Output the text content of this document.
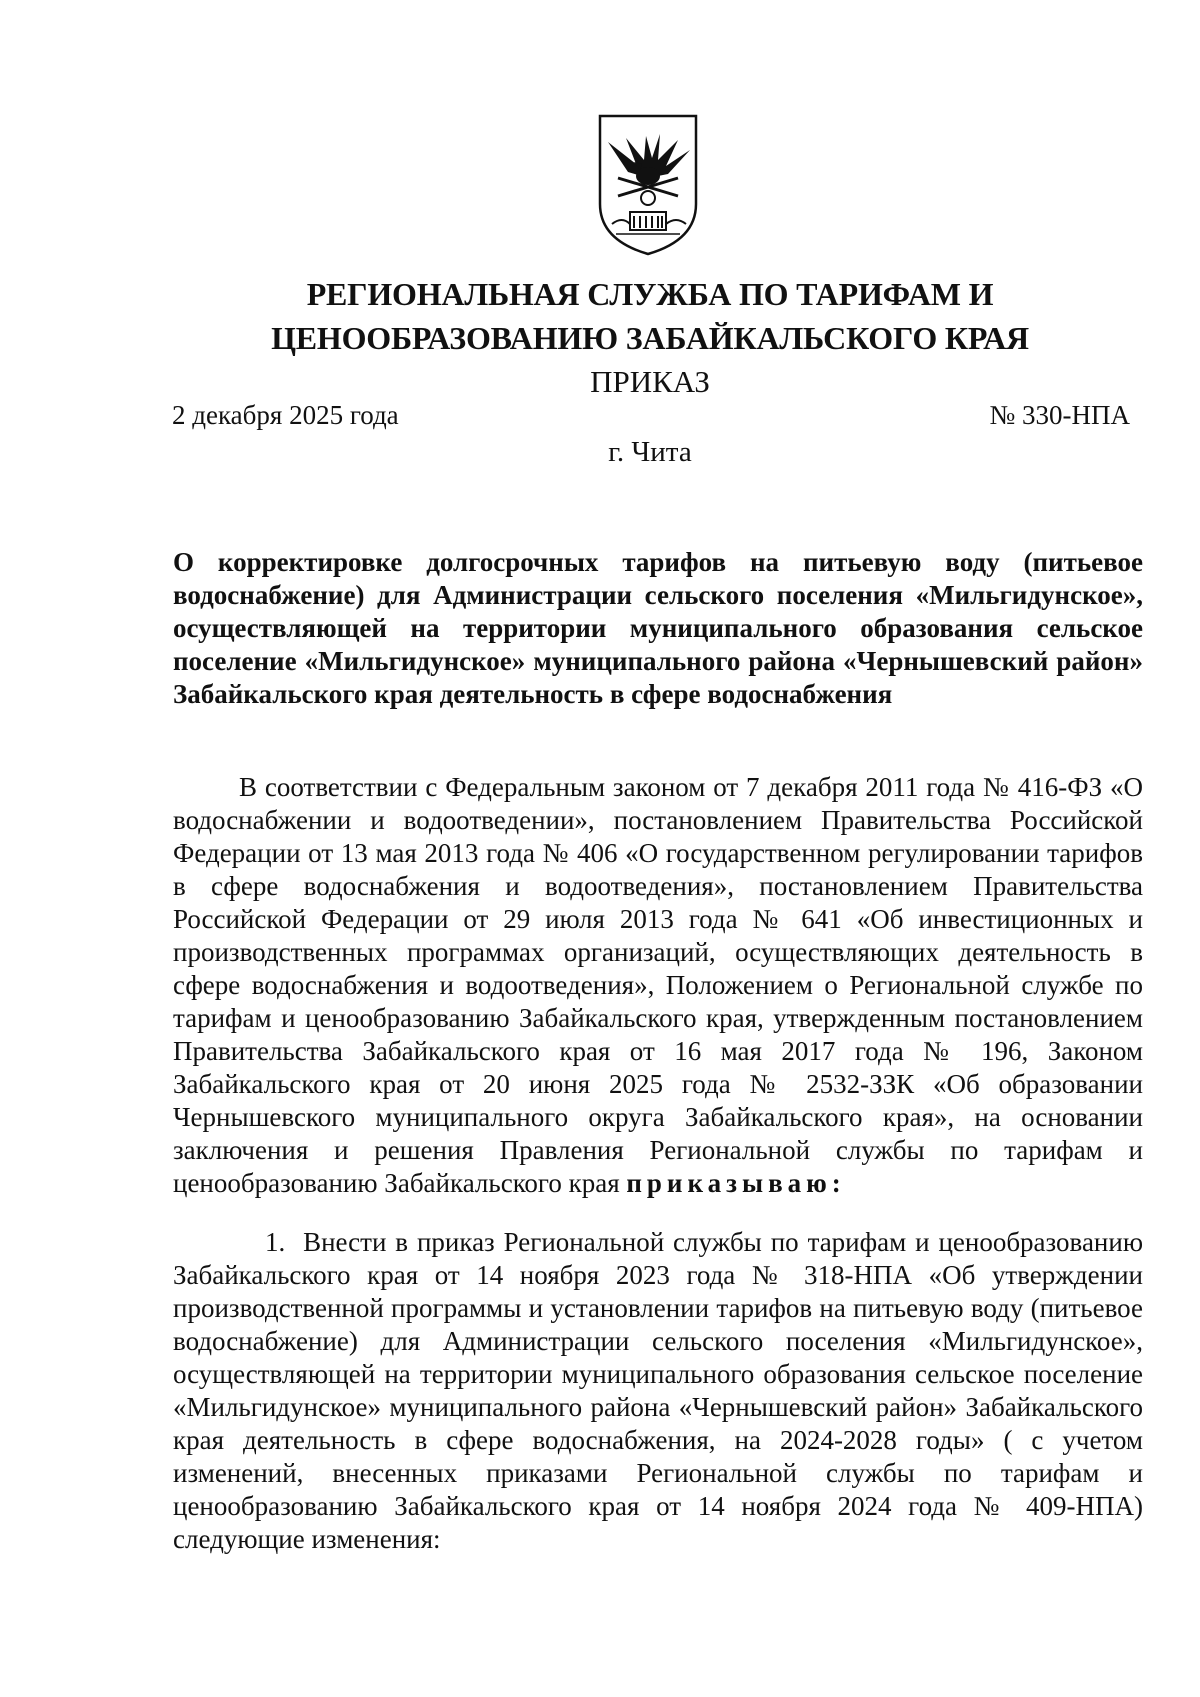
РЕГИОНАЛЬНАЯ СЛУЖБА ПО ТАРИФАМ И
ЦЕНООБРАЗОВАНИЮ ЗАБАЙКАЛЬСКОГО КРАЯ
ПРИКАЗ
2 декабря 2025 года	№ 330-НПА
г. Чита

О корректировке долгосрочных тарифов на питьевую воду (питьевое водоснабжение) для Администрации сельского поселения «Мильгидунское», осуществляющей на территории муниципального образования сельское поселение «Мильгидунское» муниципального района «Чернышевский район» Забайкальского края деятельность в сфере водоснабжения

В соответствии с Федеральным законом от 7 декабря 2011 года № 416-ФЗ «О водоснабжении и водоотведении», постановлением Правительства Российской Федерации от 13 мая 2013 года № 406 «О государственном регулировании тарифов в сфере водоснабжения и водоотведения», постановлением Правительства Российской Федерации от 29 июля 2013 года № 641 «Об инвестиционных и производственных программах организаций, осуществляющих деятельность в сфере водоснабжения и водоотведения», Положением о Региональной службе по тарифам и ценообразованию Забайкальского края, утвержденным постановлением Правительства Забайкальского края от 16 мая 2017 года № 196, Законом Забайкальского края от 20 июня 2025 года № 2532-ЗЗК «Об образовании Чернышевского муниципального округа Забайкальского края», на основании заключения и решения Правления Региональной службы по тарифам и ценообразованию Забайкальского края приказываю:

1. Внести в приказ Региональной службы по тарифам и ценообразованию Забайкальского края от 14 ноября 2023 года № 318-НПА «Об утверждении производственной программы и установлении тарифов на питьевую воду (питьевое водоснабжение) для Администрации сельского поселения «Мильгидунское», осуществляющей на территории муниципального образования сельское поселение «Мильгидунское» муниципального района «Чернышевский район» Забайкальского края деятельность в сфере водоснабжения, на 2024-2028 годы» ( с учетом изменений, внесенных приказами Региональной службы по тарифам и ценообразованию Забайкальского края от 14 ноября 2024 года № 409-НПА) следующие изменения:
